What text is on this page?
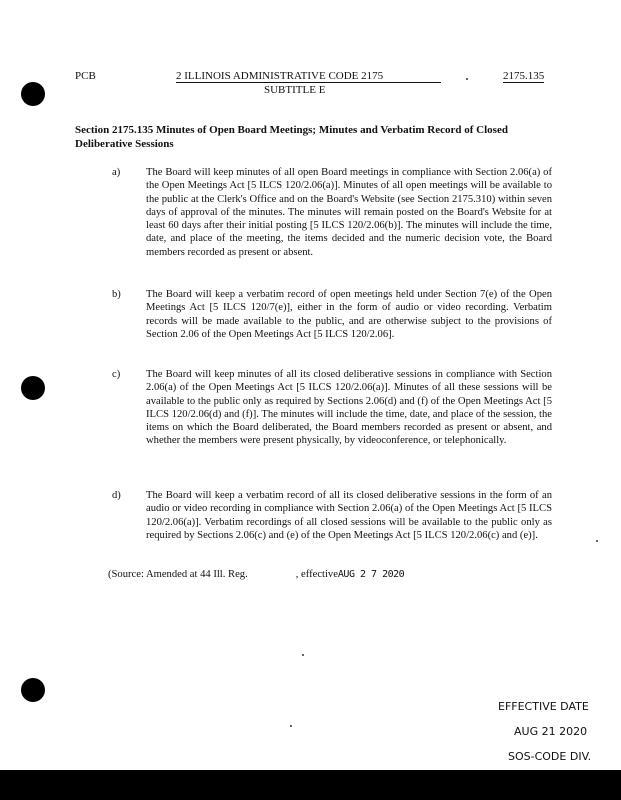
PCB	2 ILLINOIS ADMINISTRATIVE CODE 2175	2175.135
SUBTITLE E

Section 2175.135 Minutes of Open Board Meetings; Minutes and Verbatim Record of Closed Deliberative Sessions

a)	The Board will keep minutes of all open Board meetings in compliance with Section 2.06(a) of the Open Meetings Act [5 ILCS 120/2.06(a)]. Minutes of all open meetings will be available to the public at the Clerk's Office and on the Board's Website (see Section 2175.310) within seven days of approval of the minutes. The minutes will remain posted on the Board's Website for at least 60 days after their initial posting [5 ILCS 120/2.06(b)]. The minutes will include the time, date, and place of the meeting, the items decided and the numeric decision vote, the Board members recorded as present or absent.
b)	The Board will keep a verbatim record of open meetings held under Section 7(e) of the Open Meetings Act [5 ILCS 120/7(e)], either in the form of audio or video recording. Verbatim records will be made available to the public, and are otherwise subject to the provisions of Section 2.06 of the Open Meetings Act [5 ILCS 120/2.06].
c)	The Board will keep minutes of all its closed deliberative sessions in compliance with Section 2.06(a) of the Open Meetings Act [5 ILCS 120/2.06(a)]. Minutes of all these sessions will be available to the public only as required by Sections 2.06(d) and (f) of the Open Meetings Act [5 ILCS 120/2.06(d) and (f)]. The minutes will include the time, date, and place of the session, the items on which the Board deliberated, the Board members recorded as present or absent, and whether the members were present physically, by videoconference, or telephonically.
d)	The Board will keep a verbatim record of all its closed deliberative sessions in the form of an audio or video recording in compliance with Section 2.06(a) of the Open Meetings Act [5 ILCS 120/2.06(a)]. Verbatim recordings of all closed sessions will be available to the public only as required by Sections 2.06(c) and (e) of the Open Meetings Act [5 ILCS 120/2.06(c) and (e)].
(Source: Amended at 44 Ill. Reg.	, effectiveAUG 2 7 2020
EFFECTIVE DATE
AUG 21 2020
SOS-CODE DIV.
